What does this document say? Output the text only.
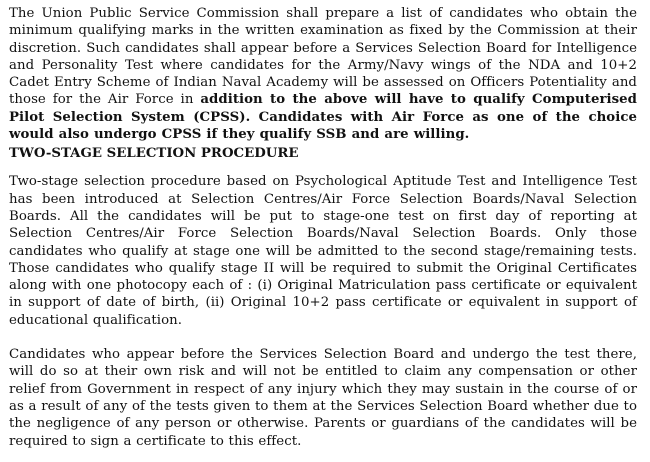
The Union Public Service Commission shall prepare a list of candidates who obtain the minimum qualifying marks in the written examination as fixed by the Commission at their discretion. Such candidates shall appear before a Services Selection Board for Intelligence and Personality Test where candidates for the Army/Navy wings of the NDA and 10+2 Cadet Entry Scheme of Indian Naval Academy will be assessed on Officers Potentiality and those for the Air Force in addition to the above will have to qualify Computerised Pilot Selection System (CPSS). Candidates with Air Force as one of the choice would also undergo CPSS if they qualify SSB and are willing.

TWO-STAGE SELECTION PROCEDURE

Two-stage selection procedure based on Psychological Aptitude Test and Intelligence Test has been introduced at Selection Centres/Air Force Selection Boards/Naval Selection Boards. All the candidates will be put to stage-one test on first day of reporting at Selection Centres/Air Force Selection Boards/Naval Selection Boards. Only those candidates who qualify at stage one will be admitted to the second stage/remaining tests. Those candidates who qualify stage II will be required to submit the Original Certificates along with one photocopy each of : (i) Original Matriculation pass certificate or equivalent in support of date of birth, (ii) Original 10+2 pass certificate or equivalent in support of educational qualification.

Candidates who appear before the Services Selection Board and undergo the test there, will do so at their own risk and will not be entitled to claim any compensation or other relief from Government in respect of any injury which they may sustain in the course of or as a result of any of the tests given to them at the Services Selection Board whether due to the negligence of any person or otherwise. Parents or guardians of the candidates will be required to sign a certificate to this effect.
